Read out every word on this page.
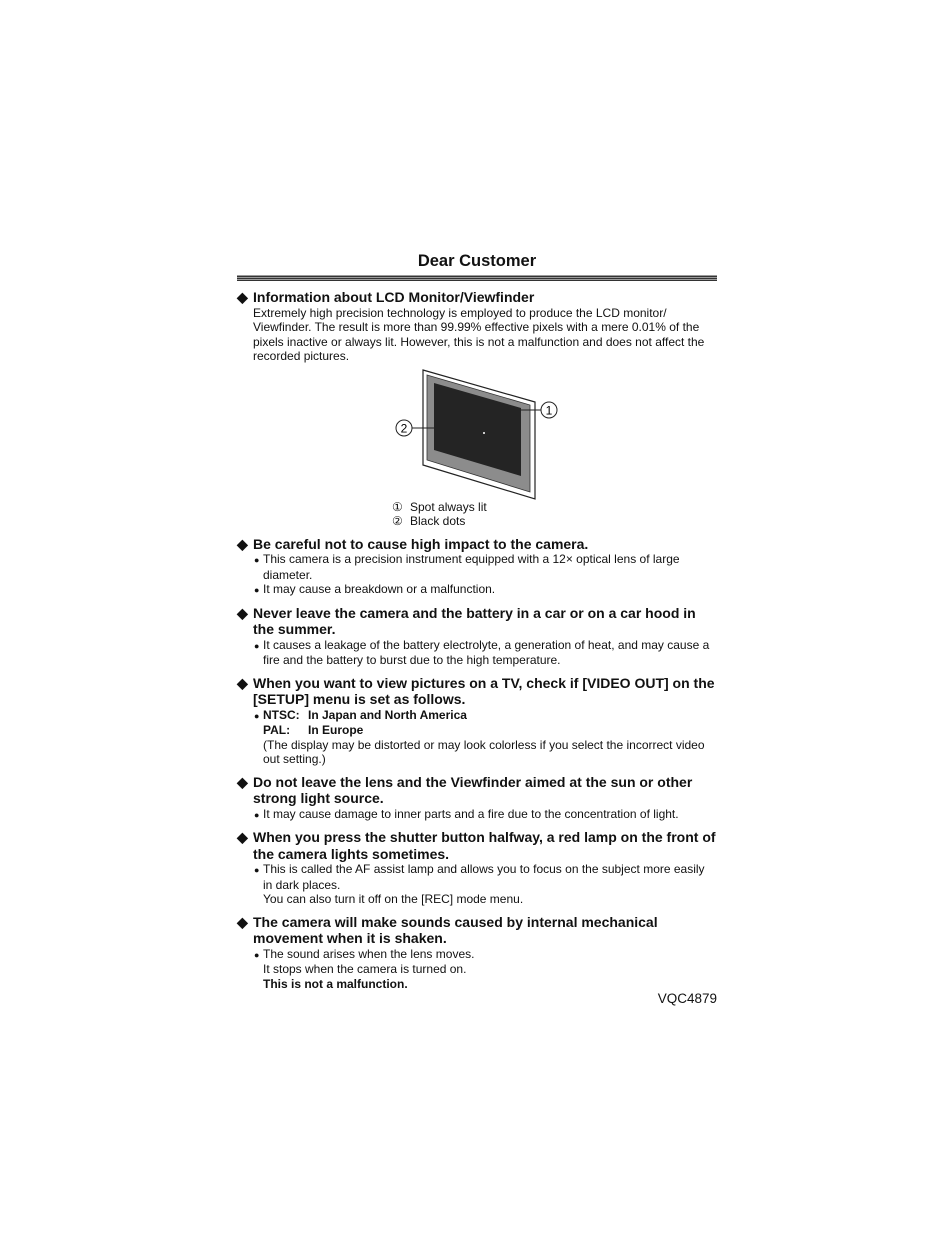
Dear Customer

◆ Information about LCD Monitor/Viewfinder

Extremely high precision technology is employed to produce the LCD monitor/ Viewfinder. The result is more than 99.99% effective pixels with a mere 0.01% of the pixels inactive or always lit. However, this is not a malfunction and does not affect the recorded pictures.

1
2
① Spot always lit
② Black dots

◆ Be careful not to cause high impact to the camera.

● This camera is a precision instrument equipped with a 12× optical lens of large diameter.

● It may cause a breakdown or a malfunction.

◆ Never leave the camera and the battery in a car or on a car hood in the summer.

● It causes a leakage of the battery electrolyte, a generation of heat, and may cause a fire and the battery to burst due to the high temperature.

◆ When you want to view pictures on a TV, check if [VIDEO OUT] on the [SETUP] menu is set as follows.

● NTSC: In Japan and North America
PAL: In Europe

(The display may be distorted or may look colorless if you select the incorrect video out setting.)

◆ Do not leave the lens and the Viewfinder aimed at the sun or other strong light source.

● It may cause damage to inner parts and a fire due to the concentration of light.

◆ When you press the shutter button halfway, a red lamp on the front of the camera lights sometimes.

● This is called the AF assist lamp and allows you to focus on the subject more easily in dark places.

You can also turn it off on the [REC] mode menu.

◆ The camera will make sounds caused by internal mechanical movement when it is shaken.

● The sound arises when the lens moves.

It stops when the camera is turned on.

This is not a malfunction.

VQC4879
